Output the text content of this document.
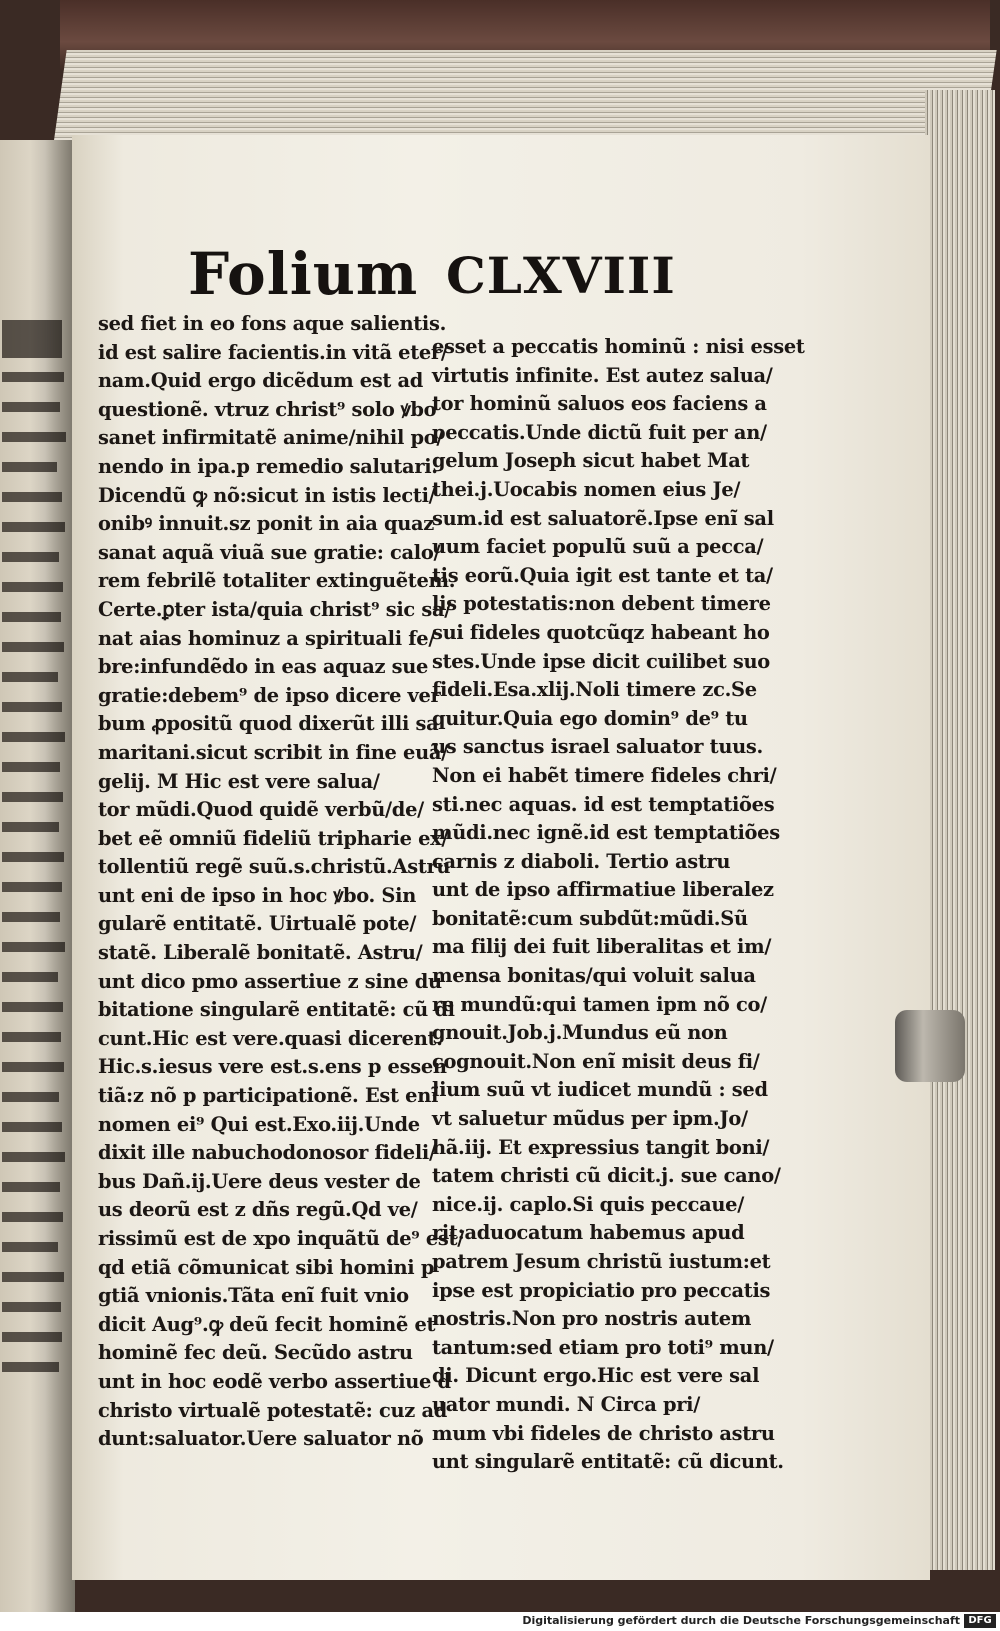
Folium CLXVIII
sed fiet in eo fons aque salientis.
id est salire facientis.in vitã eter/
nam.Quid ergo dicẽdum est ad
questionẽ. vtruz christ⁹ solo ꝟbo
sanet infirmitatẽ anime/nihil po/
nendo in ipa.p remedio salutari.
Dicendũ ꝙ nõ:sicut in istis lecti/
onibꝰ innuit.sz ponit in aia quaz
sanat aquã viuã sue gratie: calo/
rem febrilẽ totaliter extinguẽtem.
Certe.ꝑter ista/quia christ⁹ sic sa/
nat aias hominuz a spirituali fe/
bre:infundẽdo in eas aquaz sue
gratie:debem⁹ de ipso dicere ver
bum ꝓpositũ quod dixerũt illi sa
maritani.sicut scribit in fine euã/
gelij. M Hic est vere salua/
tor mũdi.Quod quidẽ verbũ/de/
bet eẽ omniũ fideliũ tripharie ex/
tollentiũ regẽ suũ.s.christũ.Astru
unt eni de ipso in hoc ꝟbo. Sin
gularẽ entitatẽ. Uirtualẽ pote/
statẽ. Liberalẽ bonitatẽ. Astru/
unt dico pmo assertiue z sine du
bitatione singularẽ entitatẽ: cũ di
cunt.Hic est vere.quasi dicerent.
Hic.s.iesus vere est.s.ens p essen
tiã:z nõ p participationẽ. Est enĩ
nomen ei⁹ Qui est.Exo.iij.Unde
dixit ille nabuchodonosor fideli/
bus Dañ.ij.Uere deus vester de
us deorũ est z dñs regũ.Qd ve/
rissimũ est de xpo inquãtũ de⁹ est/
qd etiã cõmunicat sibi homini p
gtiã vnionis.Tãta enĩ fuit vnio
dicit Aug⁹.ꝙ deũ fecit hominẽ et
hominẽ fec deũ. Secũdo astru
unt in hoc eodẽ verbo assertiue d
christo virtualẽ potestatẽ: cuz ad
dunt:saluator.Uere saluator nõ
esset a peccatis hominũ : nisi esset
virtutis infinite. Est autez salua/
tor hominũ saluos eos faciens a
peccatis.Unde dictũ fuit per an/
gelum Joseph sicut habet Mat
thei.j.Uocabis nomen eius Je/
sum.id est saluatorẽ.Ipse enĩ sal
uum faciet populũ suũ a pecca/
tis eorũ.Quia igit est tante et ta/
lis potestatis:non debent timere
sui fideles quotcũqz habeant ho
stes.Unde ipse dicit cuilibet suo
fideli.Esa.xlij.Noli timere zc.Se
quitur.Quia ego domin⁹ de⁹ tu
us sanctus israel saluator tuus.
Non ei habẽt timere fideles chri/
sti.nec aquas. id est temptatiões
mũdi.nec ignẽ.id est temptatiões
carnis z diaboli. Tertio astru
unt de ipso affirmatiue liberalez
bonitatẽ:cum subdũt:mũdi.Sũ
ma filij dei fuit liberalitas et im/
mensa bonitas/qui voluit salua
re mundũ:qui tamen ipm nõ co/
gnouit.Job.j.Mundus eũ non
cognouit.Non enĩ misit deus fi/
lium suũ vt iudicet mundũ : sed
vt saluetur mũdus per ipm.Jo/
hã.iij. Et expressius tangit boni/
tatem christi cũ dicit.j. sue cano/
nice.ij. caplo.Si quis peccaue/
rit:aduocatum habemus apud
patrem Jesum christũ iustum:et
ipse est propiciatio pro peccatis
nostris.Non pro nostris autem
tantum:sed etiam pro toti⁹ mun/
di. Dicunt ergo.Hic est vere sal
uator mundi. N Circa pri/
mum vbi fideles de christo astru
unt singularẽ entitatẽ: cũ dicunt.
Digitalisierung gefördert durch die Deutsche Forschungsgemeinschaft DFG
